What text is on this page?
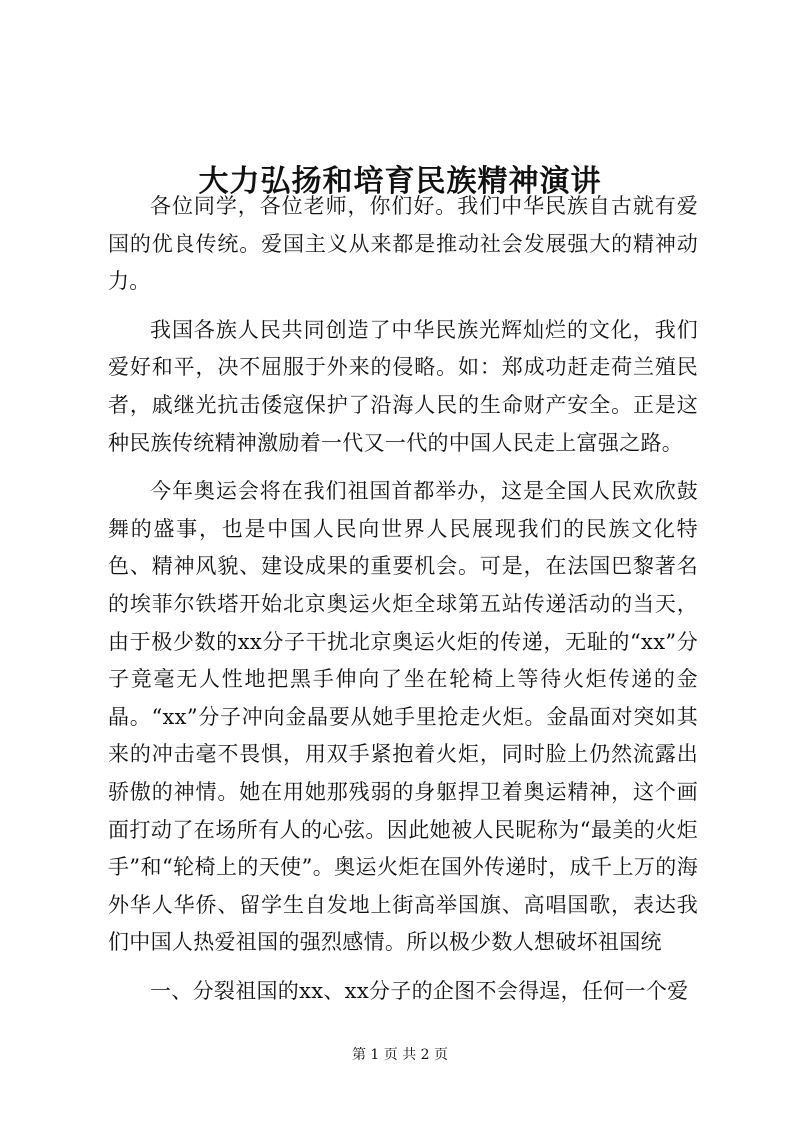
大力弘扬和培育民族精神演讲

各位同学，各位老师，你们好。我们中华民族自古就有爱国的优良传统。爱国主义从来都是推动社会发展强大的精神动力。

我国各族人民共同创造了中华民族光辉灿烂的文化，我们爱好和平，决不屈服于外来的侵略。如：郑成功赶走荷兰殖民者，戚继光抗击倭寇保护了沿海人民的生命财产安全。正是这种民族传统精神激励着一代又一代的中国人民走上富强之路。

今年奥运会将在我们祖国首都举办，这是全国人民欢欣鼓舞的盛事，也是中国人民向世界人民展现我们的民族文化特色、精神风貌、建设成果的重要机会。可是，在法国巴黎著名的埃菲尔铁塔开始北京奥运火炬全球第五站传递活动的当天，由于极少数的xx分子干扰北京奥运火炬的传递，无耻的“xx”分子竟毫无人性地把黑手伸向了坐在轮椅上等待火炬传递的金晶。“xx”分子冲向金晶要从她手里抢走火炬。金晶面对突如其来的冲击毫不畏惧，用双手紧抱着火炬，同时脸上仍然流露出骄傲的神情。她在用她那残弱的身躯捍卫着奥运精神，这个画面打动了在场所有人的心弦。因此她被人民昵称为“最美的火炬手”和“轮椅上的天使”。奥运火炬在国外传递时，成千上万的海外华人华侨、留学生自发地上街高举国旗、高唱国歌，表达我们中国人热爱祖国的强烈感情。所以极少数人想破坏祖国统

一、分裂祖国的xx、xx分子的企图不会得逞，任何一个爱

第 1 页 共 2 页
